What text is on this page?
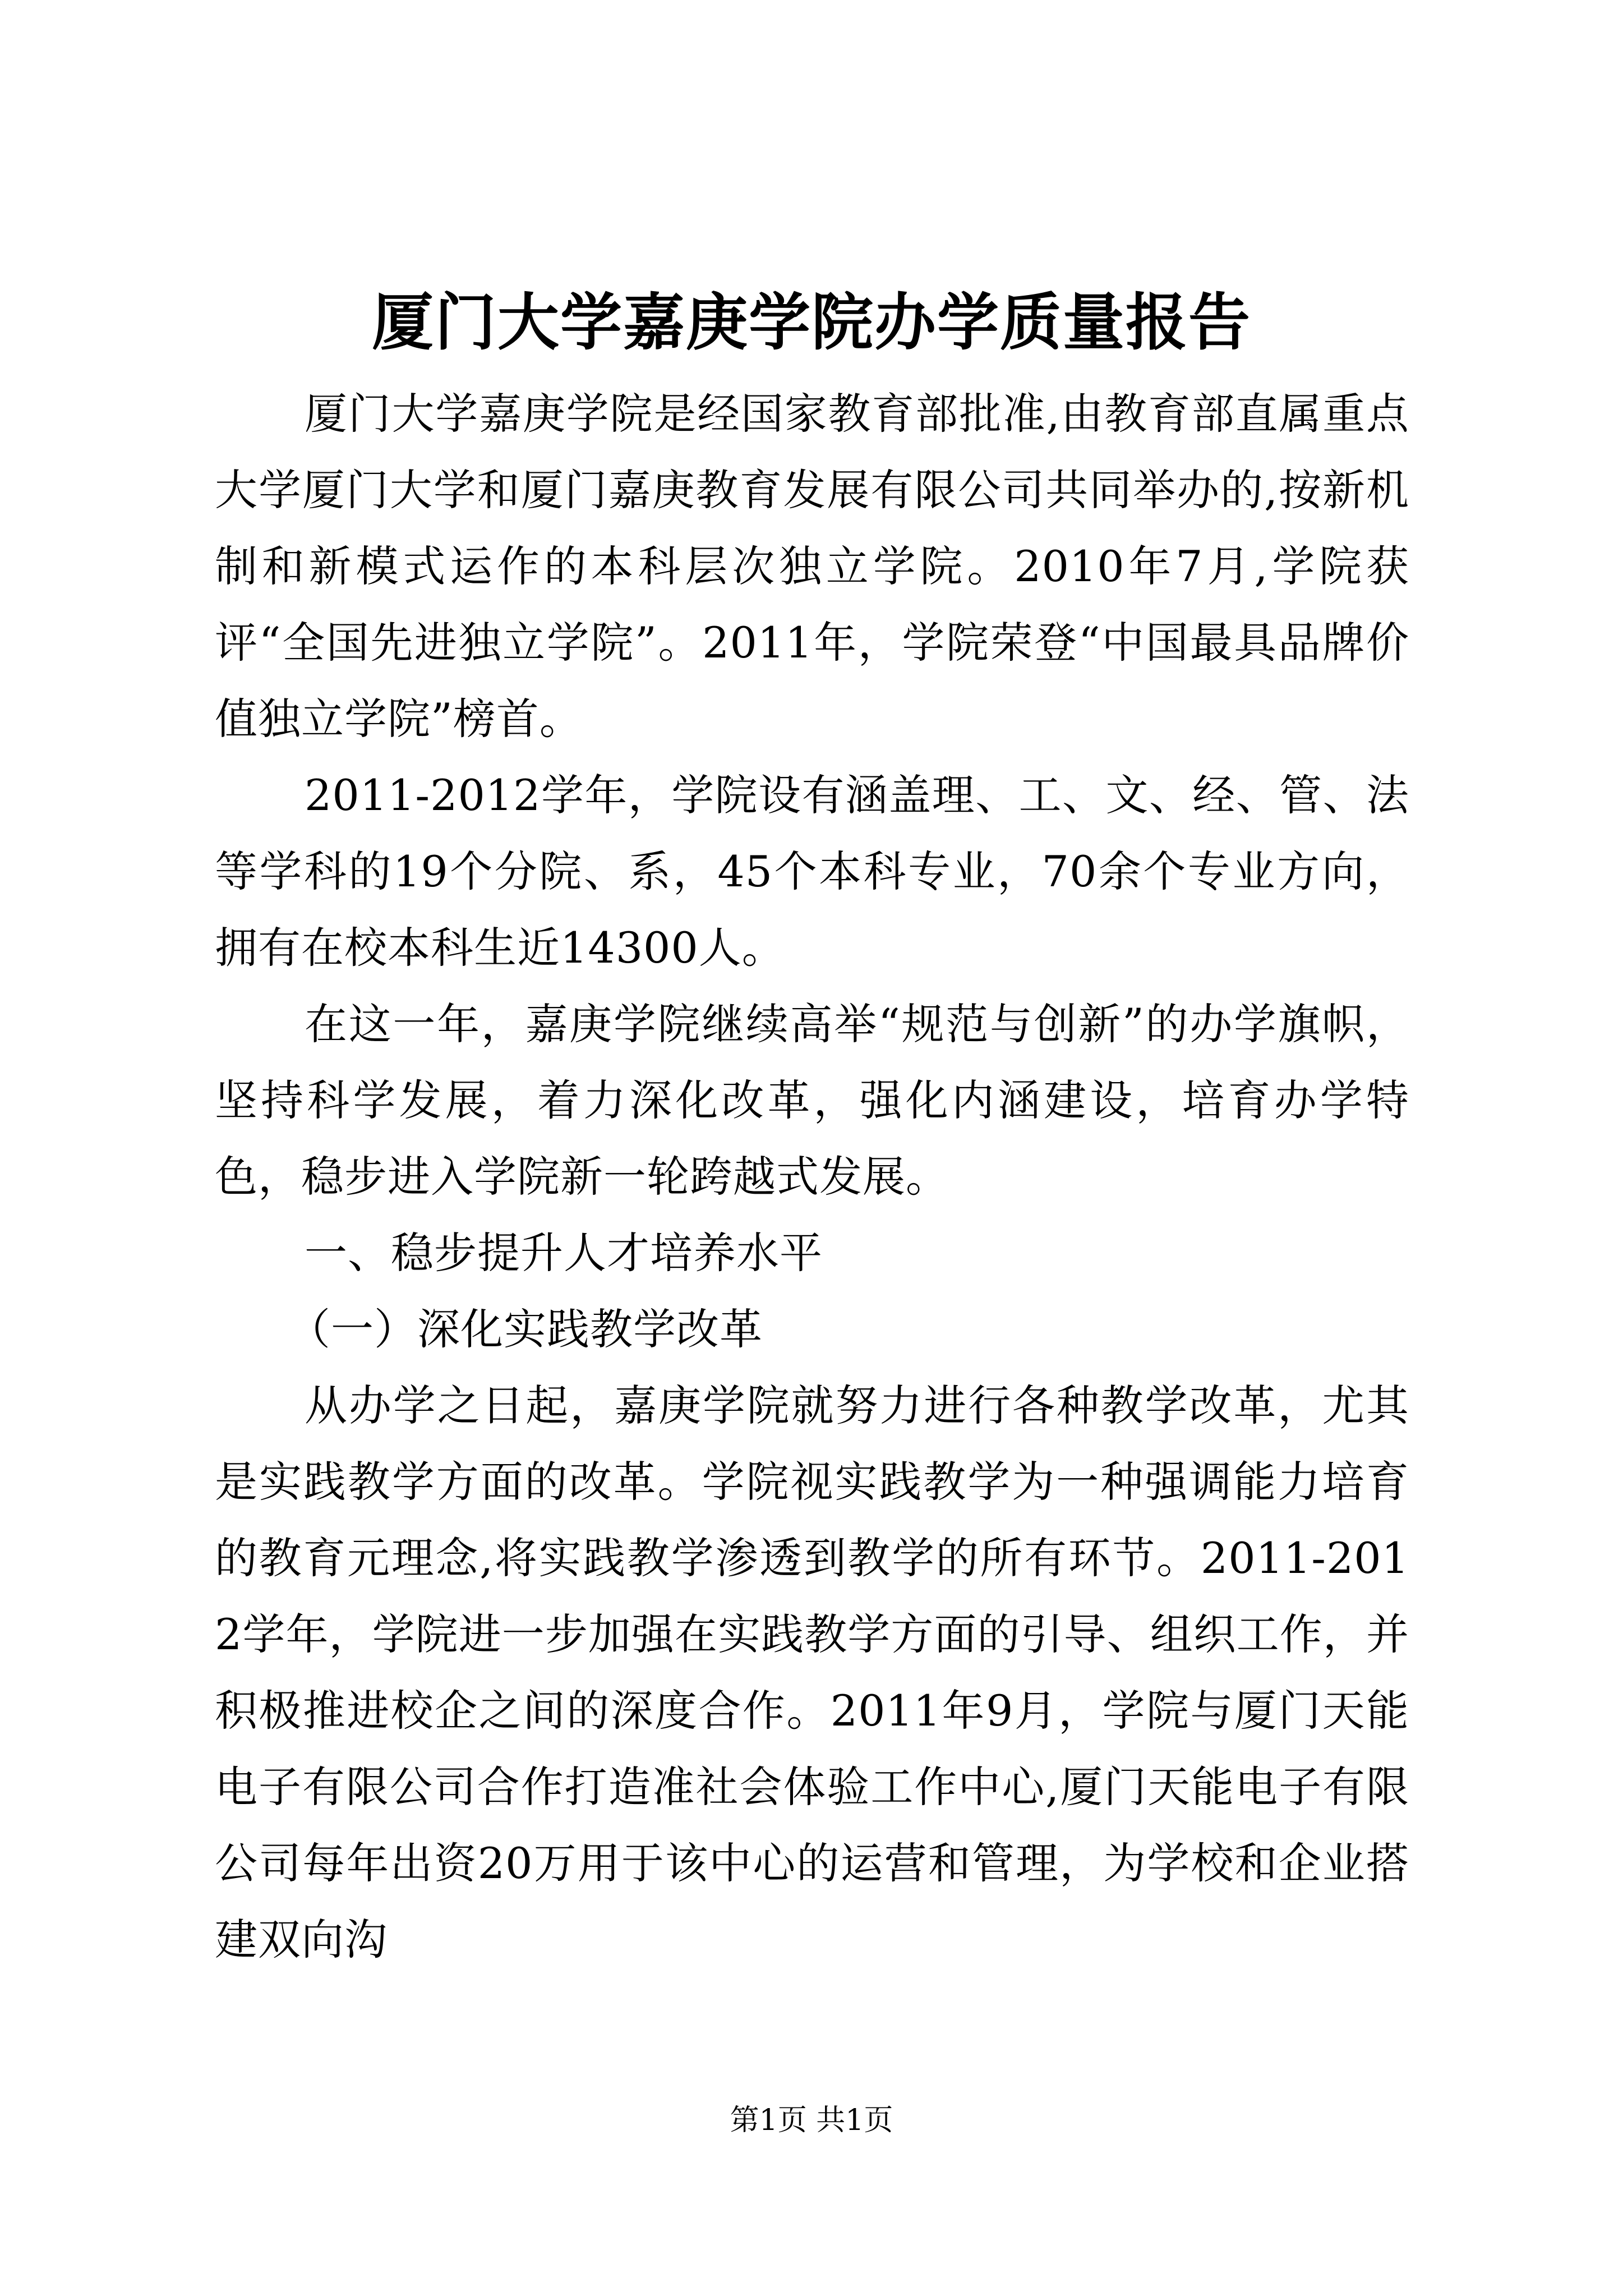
厦门大学嘉庚学院办学质量报告

厦门大学嘉庚学院是经国家教育部批准,由教育部直属重点大学厦门大学和厦门嘉庚教育发展有限公司共同举办的,按新机制和新模式运作的本科层次独立学院。2010年7月,学院获评“全国先进独立学院”。2011年，学院荣登“中国最具品牌价值独立学院”榜首。

2011-2012学年，学院设有涵盖理、工、文、经、管、法等学科的19个分院、系，45个本科专业，70余个专业方向，拥有在校本科生近14300人。

在这一年，嘉庚学院继续高举“规范与创新”的办学旗帜，坚持科学发展，着力深化改革，强化内涵建设，培育办学特色，稳步进入学院新一轮跨越式发展。

一、稳步提升人才培养水平

（一）深化实践教学改革

从办学之日起，嘉庚学院就努力进行各种教学改革，尤其是实践教学方面的改革。学院视实践教学为一种强调能力培育的教育元理念,将实践教学渗透到教学的所有环节。2011-2012学年，学院进一步加强在实践教学方面的引导、组织工作，并积极推进校企之间的深度合作。2011年9月，学院与厦门天能电子有限公司合作打造准社会体验工作中心,厦门天能电子有限公司每年出资20万用于该中心的运营和管理，为学校和企业搭建双向沟

第1页 共1页
